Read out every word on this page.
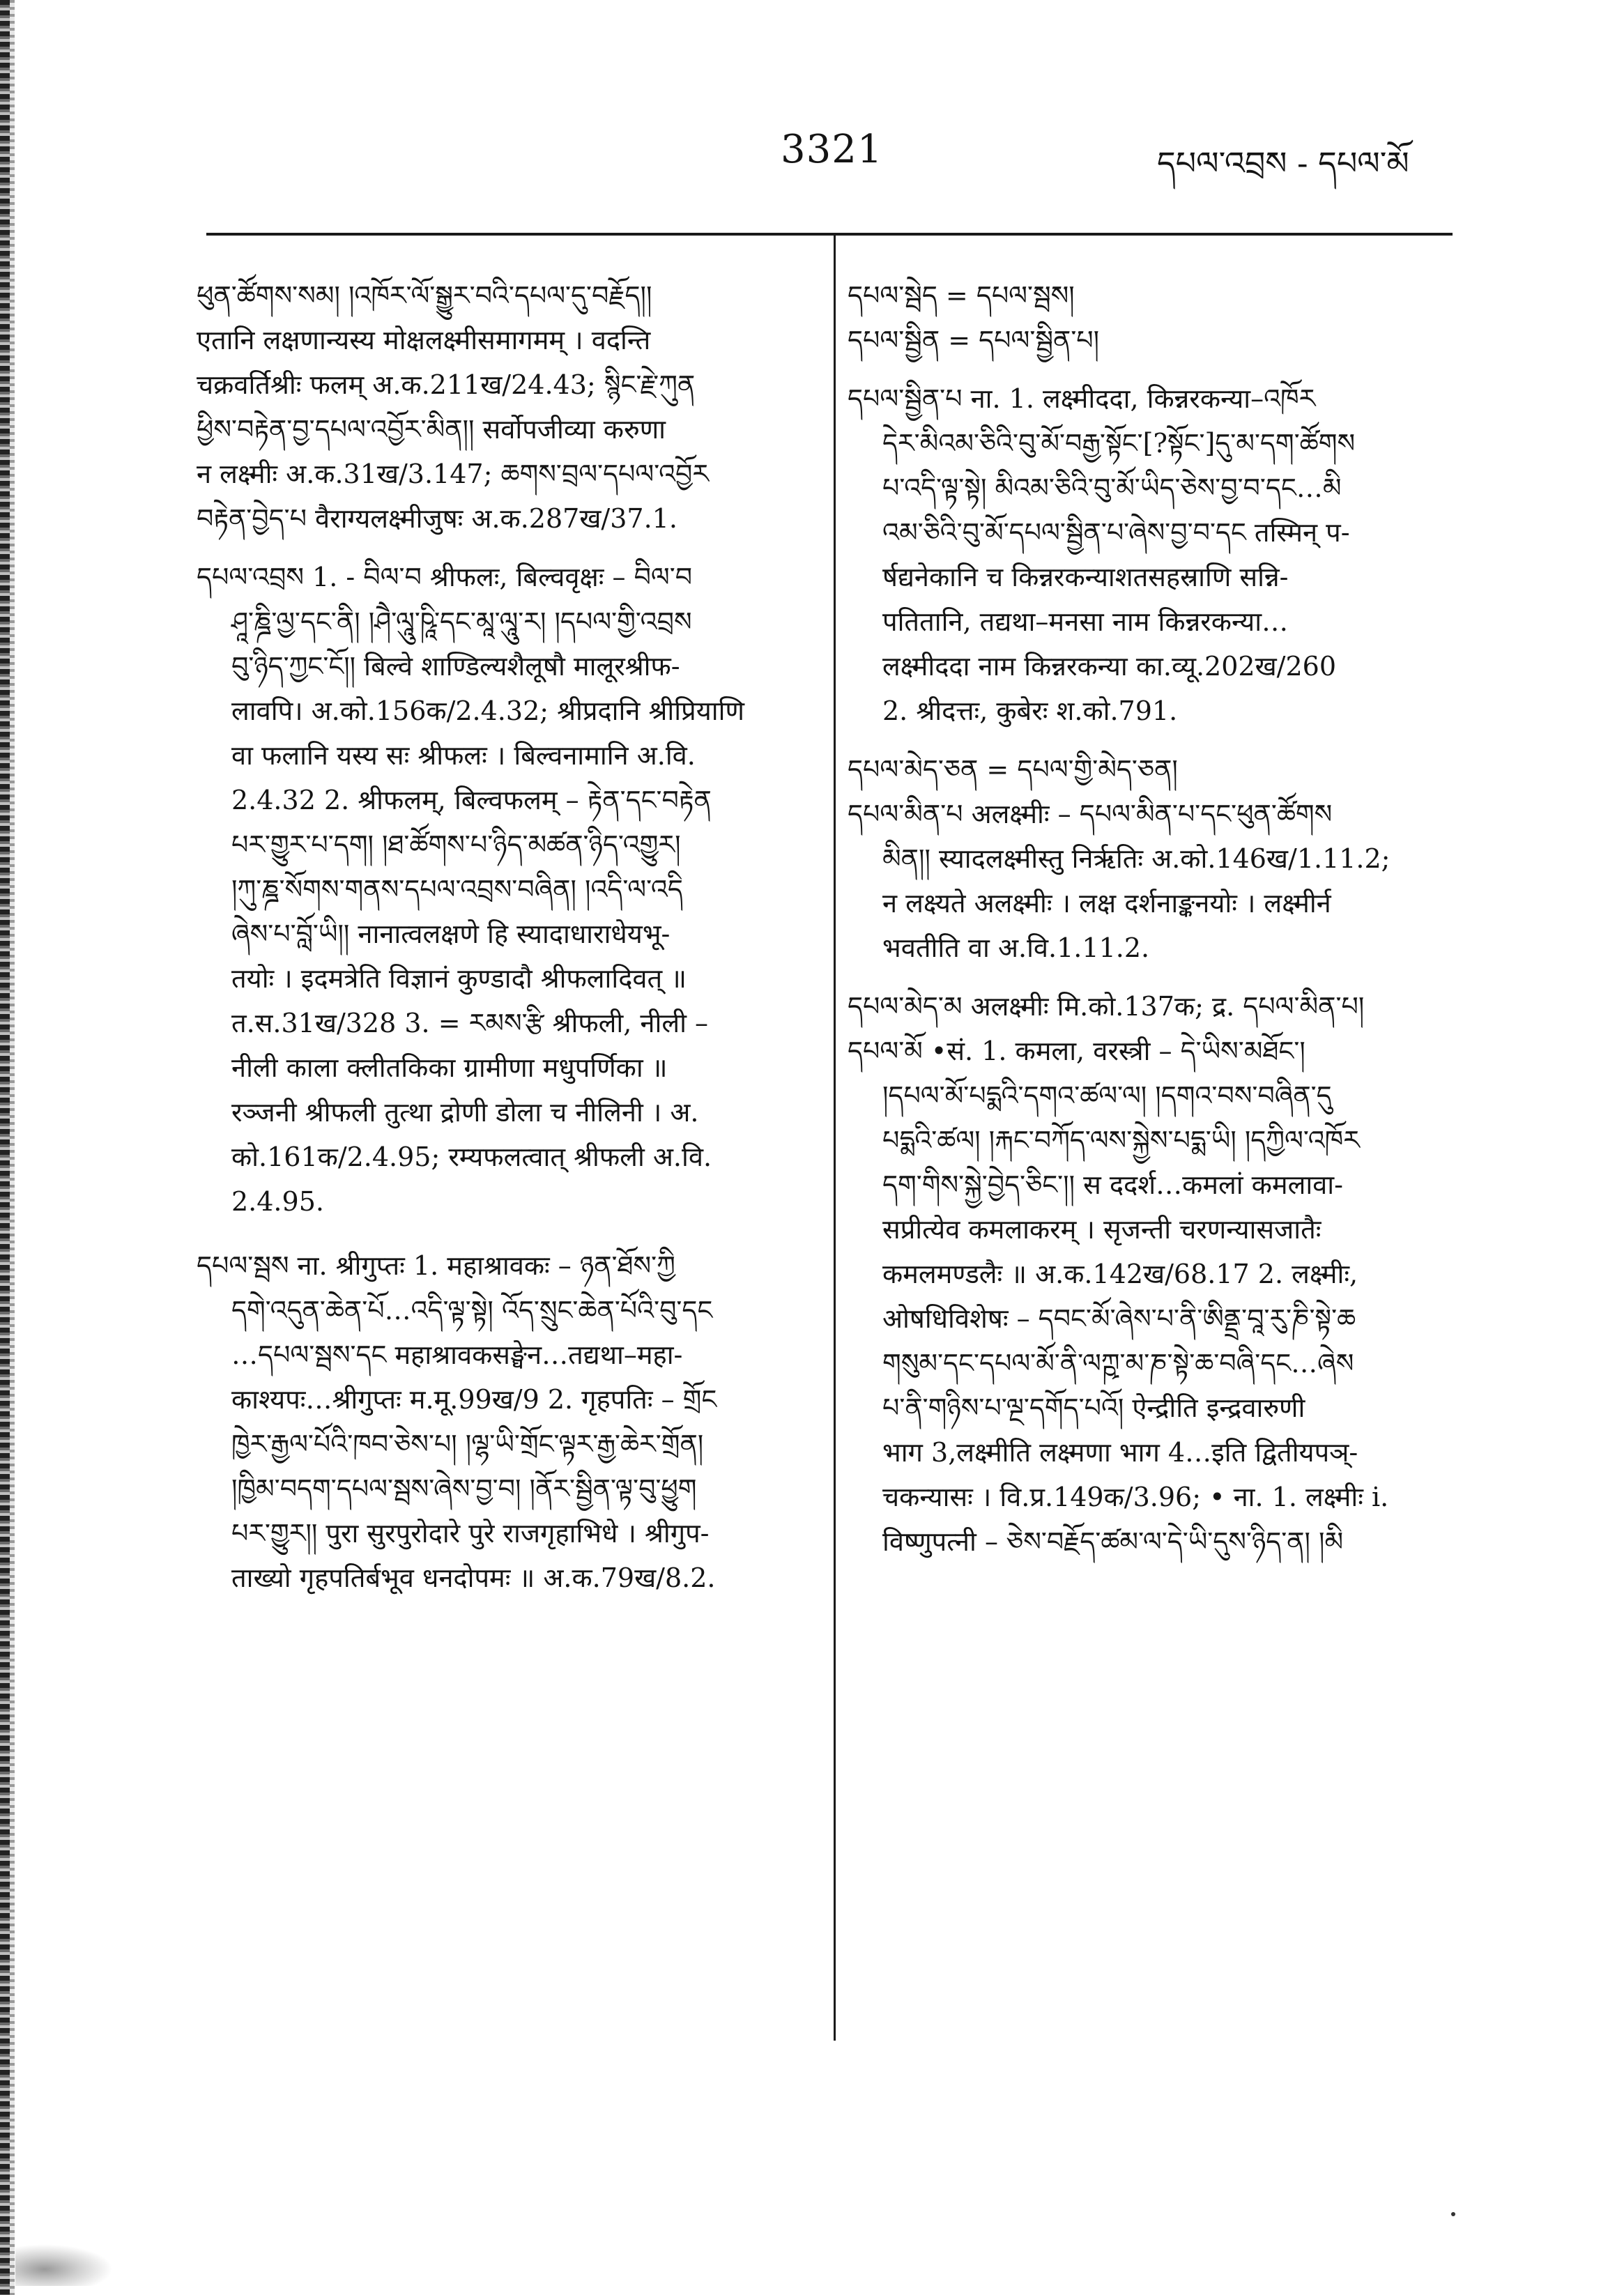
3321	དཔལ་འབྲས - དཔལ་མོ

ཕུན་ཚོགས་སམ། །འཁོར་ལོ་སྒྱུར་བའི་དཔལ་དུ་བརྗོད།།

एतानि लक्षणान्यस्य मोक्षलक्ष्मीसमागमम् । वदन्ति

चक्रवर्तिश्रीः फलम् अ.क.211ख/24.43; སྙིང་རྗེ་ཀུན

ཕྱིས་བརྟེན་བྱ་དཔལ་འབྱོར་མིན།། सर्वोपजीव्या करुणा

न लक्ष्मीः अ.क.31ख/3.147; ཆགས་བྲལ་དཔལ་འབྱོར

བརྟེན་བྱེད་པ वैराग्यलक्ष्मीजुषः अ.क.287ख/37.1.

དཔལ་འབྲས 1. - བིལ་བ श्रीफलः, बिल्ववृक्षः – བིལ་བ

ཤཱ་ཎྜི་ལྱ་དང་ནི། །ཤཻ་ལཱུ་ཥཱི་དང་མཱ་ལཱུ་ར། །དཔལ་གྱི་འབྲས

བུ་ཉིད་ཀྱང་ངོ།། बिल्वे शाण्डिल्यशैलूषौ मालूरश्रीफ-

लावपि। अ.को.156क/2.4.32; श्रीप्रदानि श्रीप्रियाणि

वा फलानि यस्य सः श्रीफलः । बिल्वनामानि अ.वि.

2.4.32 2. श्रीफलम्, बिल्वफलम् – རྟེན་དང་བརྟེན

པར་གྱུར་པ་དག། །ཐ་ཚོགས་པ་ཉིད་མཚན་ཉིད་འགྱུར།

།ཀུ་ཎྜ་སོགས་གནས་དཔལ་འབྲས་བཞིན། །འདི་ལ་འདི

ཞེས་པ་བློ་ཡི།། नानात्वलक्षणे हि स्यादाधाराधेयभू-

तयोः । इदमत्रेति विज्ञानं कुण्डादौ श्रीफलादिवत् ॥

त.स.31ख/328 3. = རམས་རྩི श्रीफली, नीली –

नीली काला क्लीतकिका ग्रामीणा मधुपर्णिका ॥

रञ्जनी श्रीफली तुत्था द्रोणी डोला च नीलिनी । अ.

को.161क/2.4.95; रम्यफलत्वात् श्रीफली अ.वि.

2.4.95.

དཔལ་སྦས ना. श्रीगुप्तः 1. महाश्रावकः – ཉན་ཐོས་ཀྱི

དགེ་འདུན་ཆེན་པོ…འདི་ལྟ་སྟེ། འོད་སྲུང་ཆེན་པོའི་བུ་དང

…དཔལ་སྦས་དང महाश्रावकसङ्घेन…तद्यथा–महा-

काश्यपः…श्रीगुप्तः म.मू.99ख/9 2. गृहपतिः – གྲོང

ཁྱེར་རྒྱལ་པོའི་ཁབ་ཅེས་པ། །ལྷ་ཡི་གྲོང་ལྟར་རྒྱ་ཆེར་གྲོན།

།ཁྱིམ་བདག་དཔལ་སྦས་ཞེས་བྱ་བ། །ནོར་སྦྱིན་ལྟ་བུ་ཕྱུག

པར་གྱུར།། पुरा सुरपुरोदारे पुरे राजगृहाभिधे । श्रीगुप-

ताख्यो गृहपतिर्बभूव धनदोपमः ॥ अ.क.79ख/8.2.

དཔལ་སྦེད = དཔལ་སྦས།

དཔལ་སྦྱིན = དཔལ་སྦྱིན་པ།

དཔལ་སྦྱིན་པ ना. 1. लक्ष्मीददा, किन्नरकन्या–འཁོར

དེར་མིའམ་ཅིའི་བུ་མོ་བརྒྱ་སྟོང་[?སྟོང་]དུ་མ་དག་ཚོགས

པ་འདི་ལྟ་སྟེ། མིའམ་ཅིའི་བུ་མོ་ཡིད་ཅེས་བྱ་བ་དང…མི

འམ་ཅིའི་བུ་མོ་དཔལ་སྦྱིན་པ་ཞེས་བྱ་བ་དང तस्मिन् प-

र्षद्यनेकानि च किन्नरकन्याशतसहस्राणि सन्नि-

पतितानि, तद्यथा–मनसा नाम किन्नरकन्या…

लक्ष्मीददा नाम किन्नरकन्या का.व्यू.202ख/260

2. श्रीदत्तः, कुबेरः श.को.791.

དཔལ་མེད་ཅན = དཔལ་གྱི་མེད་ཅན།

དཔལ་མིན་པ अलक्ष्मीः – དཔལ་མིན་པ་དང་ཕུན་ཚོགས

མིན།། स्यादलक्ष्मीस्तु निर्ऋतिः अ.को.146ख/1.11.2;

न लक्ष्यते अलक्ष्मीः । लक्ष दर्शनाङ्कनयोः । लक्ष्मीर्न

भवतीति वा अ.वि.1.11.2.

དཔལ་མེད་མ अलक्ष्मीः मि.को.137क; द्र. དཔལ་མིན་པ།

དཔལ་མོ •सं. 1. कमला, वरस्त्री – དེ་ཡིས་མཐོང་།

།དཔལ་མོ་པདྨའི་དགའ་ཚལ་ལ། །དགའ་བས་བཞིན་དུ

པདྨའི་ཚལ། །རྐང་བཀོད་ལས་སྐྱེས་པདྨ་ཡི། །དཀྱིལ་འཁོར

དག་གིས་སྐྱེ་བྱེད་ཅིང་།། स ददर्श…कमलां कमलावा-

सप्रीत्येव कमलाकरम् । सृजन्ती चरणन्यासजातैः

कमलमण्डलैः ॥ अ.क.142ख/68.17 2. लक्ष्मीः,

ओषधिविशेषः – དབང་མོ་ཞེས་པ་ནི་ཨིནྡྲ་བཱ་རུ་ཎི་སྟེ་ཆ

གསུམ་དང་དཔལ་མོ་ནི་ལཀྵ་མ་ཎ་སྟེ་ཆ་བཞི་དང…ཞེས

པ་ནི་གཉིས་པ་ལྔ་དགོད་པའོ། ऐन्द्रीति इन्द्रवारुणी

भाग 3,लक्ष्मीति लक्ष्मणा भाग 4…इति द्वितीयपञ्-

चकन्यासः । वि.प्र.149क/3.96; • ना. 1. लक्ष्मीः i.

विष्णुपत्नी – ཅེས་བརྗོད་ཚམ་ལ་དེ་ཡི་དུས་ཉིད་ན། །མི
